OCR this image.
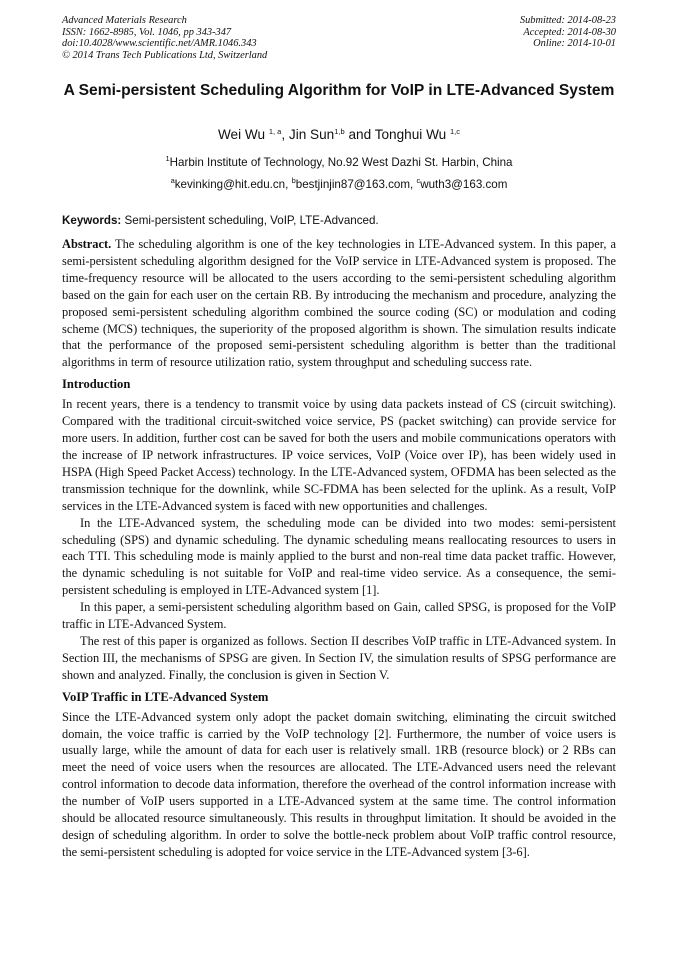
Advanced Materials Research
ISSN: 1662-8985, Vol. 1046, pp 343-347
doi:10.4028/www.scientific.net/AMR.1046.343
© 2014 Trans Tech Publications Ltd, Switzerland
Submitted: 2014-08-23
Accepted: 2014-08-30
Online: 2014-10-01
A Semi-persistent Scheduling Algorithm for VoIP in LTE-Advanced System
Wei Wu $^{1, a}$, Jin Sun$^{1,b}$ and Tonghui Wu $^{1,c}$
$^1$Harbin Institute of Technology, No.92 West Dazhi St. Harbin, China
$^a$kevinking@hit.edu.cn, $^b$bestjinjin87@163.com, $^c$wuth3@163.com
Keywords: Semi-persistent scheduling, VoIP, LTE-Advanced.

Abstract. The scheduling algorithm is one of the key technologies in LTE-Advanced system. In this paper, a semi-persistent scheduling algorithm designed for the VoIP service in LTE-Advanced system is proposed. The time-frequency resource will be allocated to the users according to the semi-persistent scheduling algorithm based on the gain for each user on the certain RB. By introducing the mechanism and procedure, analyzing the proposed semi-persistent scheduling algorithm combined the source coding (SC) or modulation and coding scheme (MCS) techniques, the superiority of the proposed algorithm is shown. The simulation results indicate that the performance of the proposed semi-persistent scheduling algorithm is better than the traditional algorithms in term of resource utilization ratio, system throughput and scheduling success rate.

Introduction

In recent years, there is a tendency to transmit voice by using data packets instead of CS (circuit switching). Compared with the traditional circuit-switched voice service, PS (packet switching) can provide service for more users. In addition, further cost can be saved for both the users and mobile communications operators with the increase of IP network infrastructures. IP voice services, VoIP (Voice over IP), has been widely used in HSPA (High Speed Packet Access) technology. In the LTE-Advanced system, OFDMA has been selected as the transmission technique for the downlink, while SC-FDMA has been selected for the uplink. As a result, VoIP services in the LTE-Advanced system is faced with new opportunities and challenges.

In the LTE-Advanced system, the scheduling mode can be divided into two modes: semi-persistent scheduling (SPS) and dynamic scheduling. The dynamic scheduling means reallocating resources to users in each TTI. This scheduling mode is mainly applied to the burst and non-real time data packet traffic. However, the dynamic scheduling is not suitable for VoIP and real-time video service. As a consequence, the semi-persistent scheduling is employed in LTE-Advanced system [1].

In this paper, a semi-persistent scheduling algorithm based on Gain, called SPSG, is proposed for the VoIP traffic in LTE-Advanced System.

The rest of this paper is organized as follows. Section II describes VoIP traffic in LTE-Advanced system. In Section III, the mechanisms of SPSG are given. In Section IV, the simulation results of SPSG performance are shown and analyzed. Finally, the conclusion is given in Section V.

VoIP Traffic in LTE-Advanced System

Since the LTE-Advanced system only adopt the packet domain switching, eliminating the circuit switched domain, the voice traffic is carried by the VoIP technology [2]. Furthermore, the number of voice users is usually large, while the amount of data for each user is relatively small. 1RB (resource block) or 2 RBs can meet the need of voice users when the resources are allocated. The LTE-Advanced users need the relevant control information to decode data information, therefore the overhead of the control information increase with the number of VoIP users supported in a LTE-Advanced system at the same time. The control information should be allocated resource simultaneously. This results in throughput limitation. It should be avoided in the design of scheduling algorithm. In order to solve the bottle-neck problem about VoIP traffic control resource, the semi-persistent scheduling is adopted for voice service in the LTE-Advanced system [3-6].
